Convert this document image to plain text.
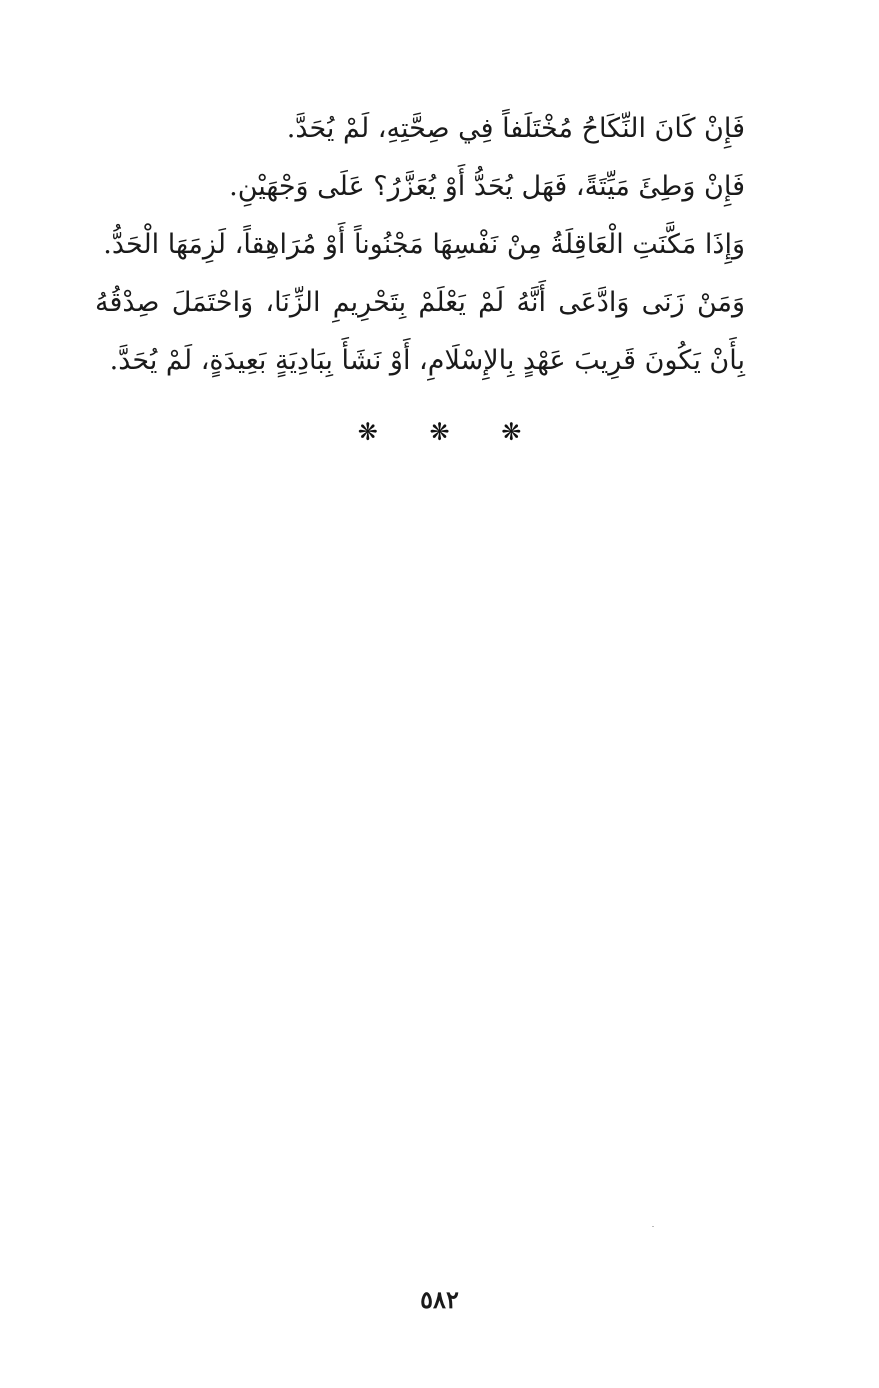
فَإِنْ كَانَ النِّكَاحُ مُخْتَلَفاً فِي صِحَّتِهِ، لَمْ يُحَدَّ.

فَإِنْ وَطِئَ مَيِّتَةً، فَهَل يُحَدُّ أَوْ يُعَزَّرُ؟ عَلَى وَجْهَيْنِ.

وَإِذَا مَكَّنَتِ الْعَاقِلَةُ مِنْ نَفْسِهَا مَجْنُوناً أَوْ مُرَاهِقاً، لَزِمَهَا الْحَدُّ.

وَمَنْ زَنَى وَادَّعَى أَنَّهُ لَمْ يَعْلَمْ بِتَحْرِيمِ الزِّنَا، وَاحْتَمَلَ صِدْقُهُ بِأَنْ يَكُونَ قَرِيبَ عَهْدٍ بِالإِسْلَامِ، أَوْ نَشَأَ بِبَادِيَةٍ بَعِيدَةٍ، لَمْ يُحَدَّ.

❋ ❋ ❋
٥٨٢
